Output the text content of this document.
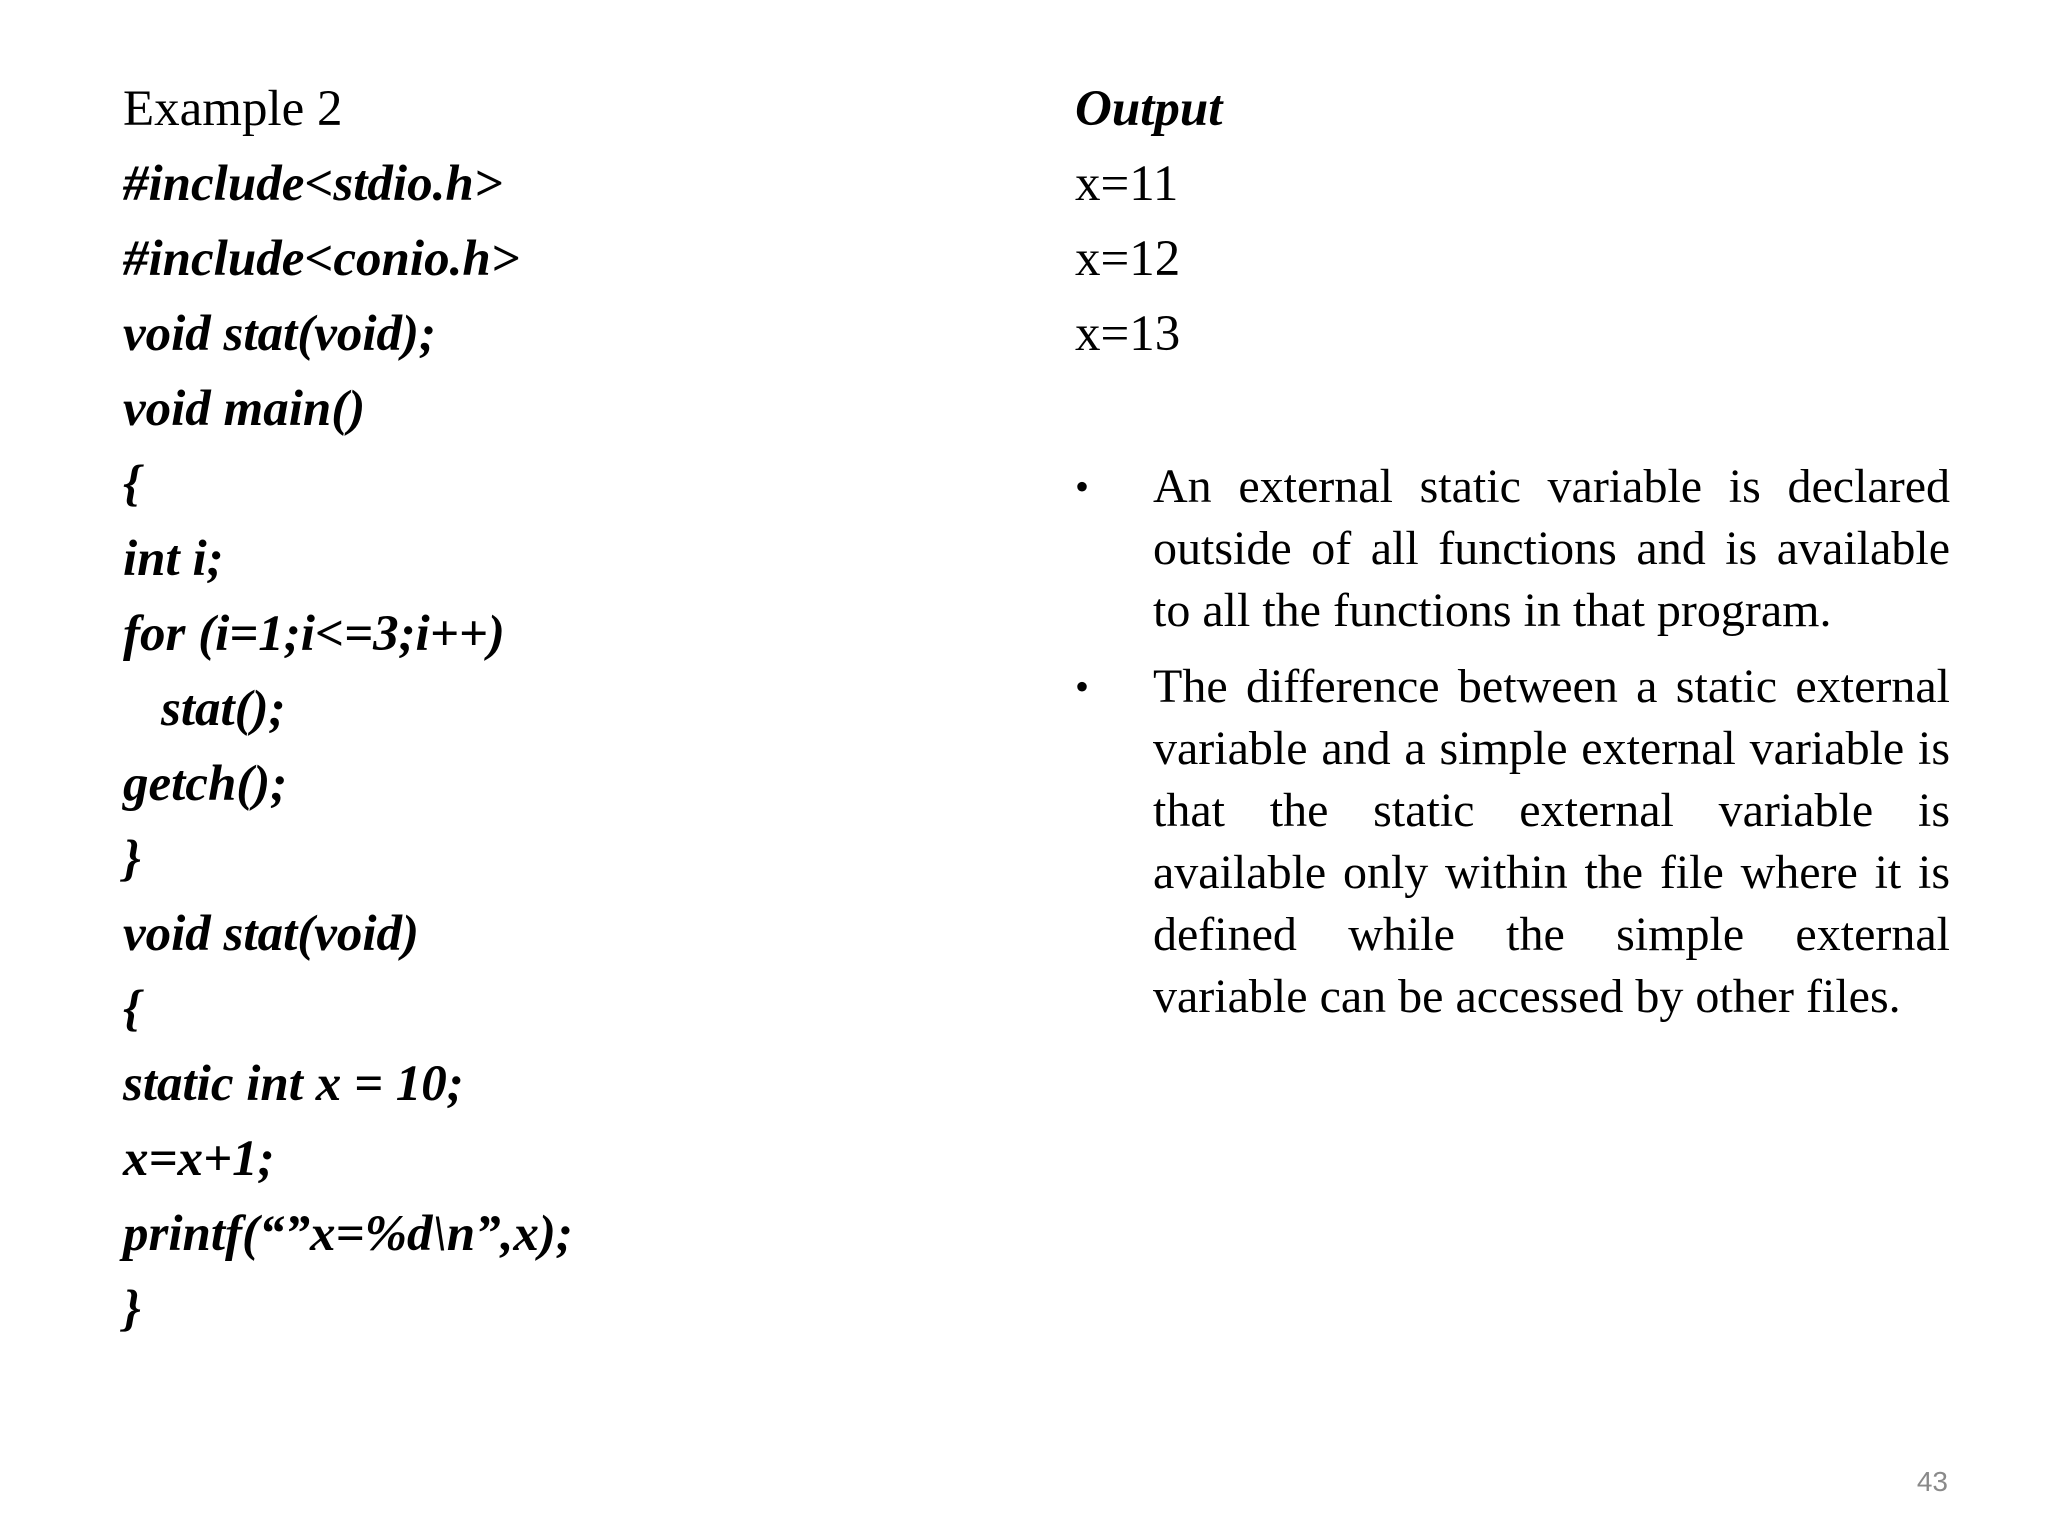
Example 2
#include<stdio.h>
#include<conio.h>
void stat(void);
void main()
{
int i;
for (i=1;i<=3;i++)
stat();
getch();
}
void stat(void)
{
static int x = 10;
x=x+1;
printf(“”x=%d\n”,x);
}
Output
x=11
x=12
x=13
• An external static variable is declared outside of all functions and is available to all the functions in that program.
• The difference between a static external variable and a simple external variable is that the static external variable is available only within the file where it is defined while the simple external variable can be accessed by other files.
43
